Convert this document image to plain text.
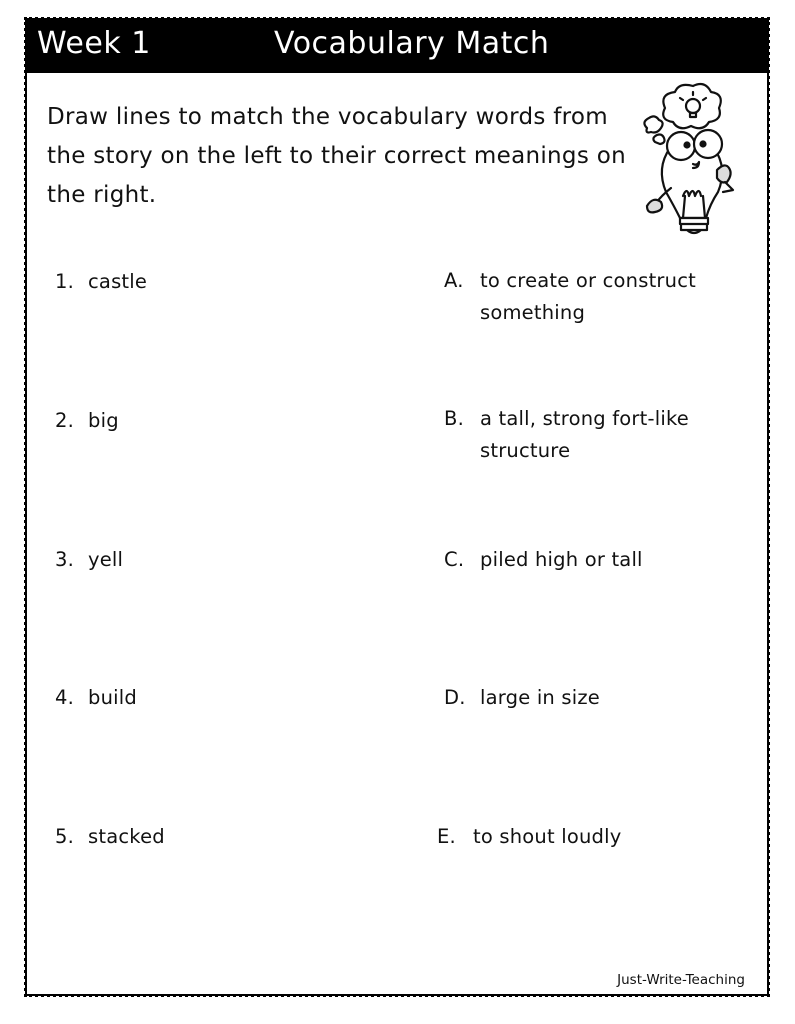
Week 1	Vocabulary Match
Draw lines to match the vocabulary words from the story on the left to their correct meanings on the right.
1. castle
2. big
3. yell
4. build
5. stacked
A. to create or construct something
B. a tall, strong fort-like structure
C. piled high or tall
D. large in size
E. to shout loudly
Just-Write-Teaching
